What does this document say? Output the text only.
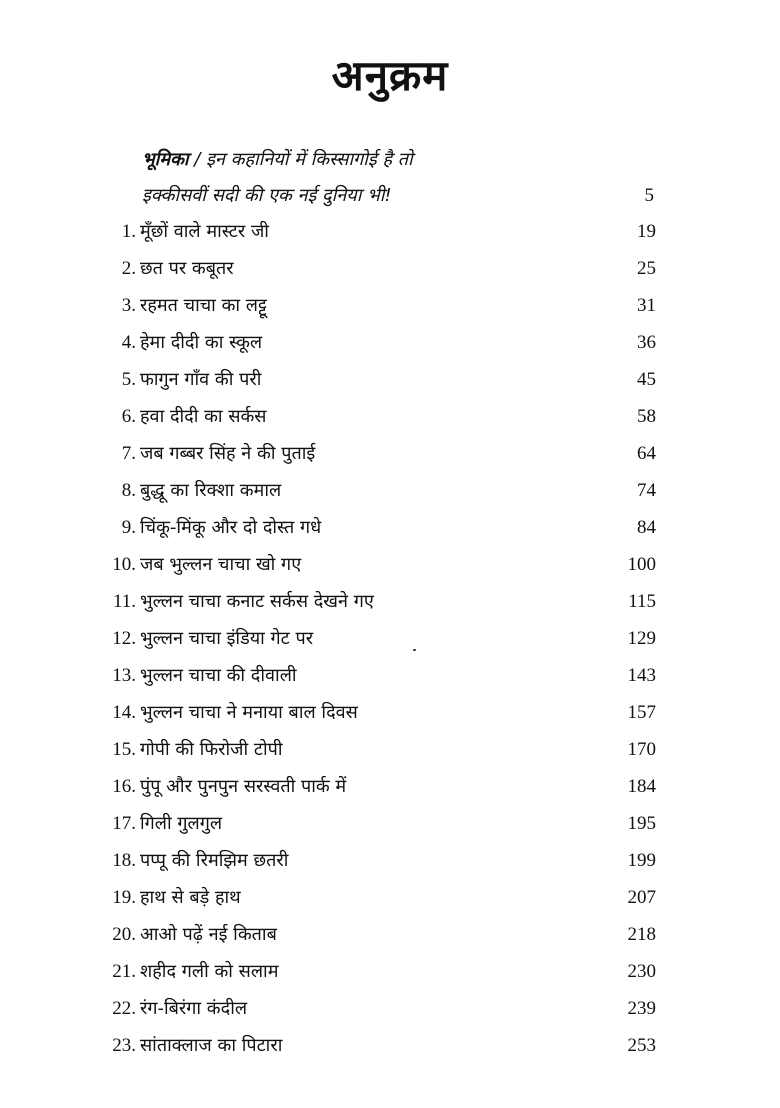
अनुक्रम
भूमिका / इन कहानियों में किस्सागोई है तो
इक्कीसवीं सदी की एक नई दुनिया भी!	5
1. मूँछों वाले मास्टर जी	19
2. छत पर कबूतर	25
3. रहमत चाचा का लट्टू	31
4. हेमा दीदी का स्कूल	36
5. फागुन गाँव की परी	45
6. हवा दीदी का सर्कस	58
7. जब गब्बर सिंह ने की पुताई	64
8. बुद्धू का रिक्शा कमाल	74
9. चिंकू-मिंकू और दो दोस्त गधे	84
10. जब भुल्लन चाचा खो गए	100
11. भुल्लन चाचा कनाट सर्कस देखने गए	115
12. भुल्लन चाचा इंडिया गेट पर	129
13. भुल्लन चाचा की दीवाली	143
14. भुल्लन चाचा ने मनाया बाल दिवस	157
15. गोपी की फिरोजी टोपी	170
16. पुंपू और पुनपुन सरस्वती पार्क में	184
17. गिली गुलगुल	195
18. पप्पू की रिमझिम छतरी	199
19. हाथ से बड़े हाथ	207
20. आओ पढ़ें नई किताब	218
21. शहीद गली को सलाम	230
22. रंग-बिरंगा कंदील	239
23. सांताक्लाज का पिटारा	253
